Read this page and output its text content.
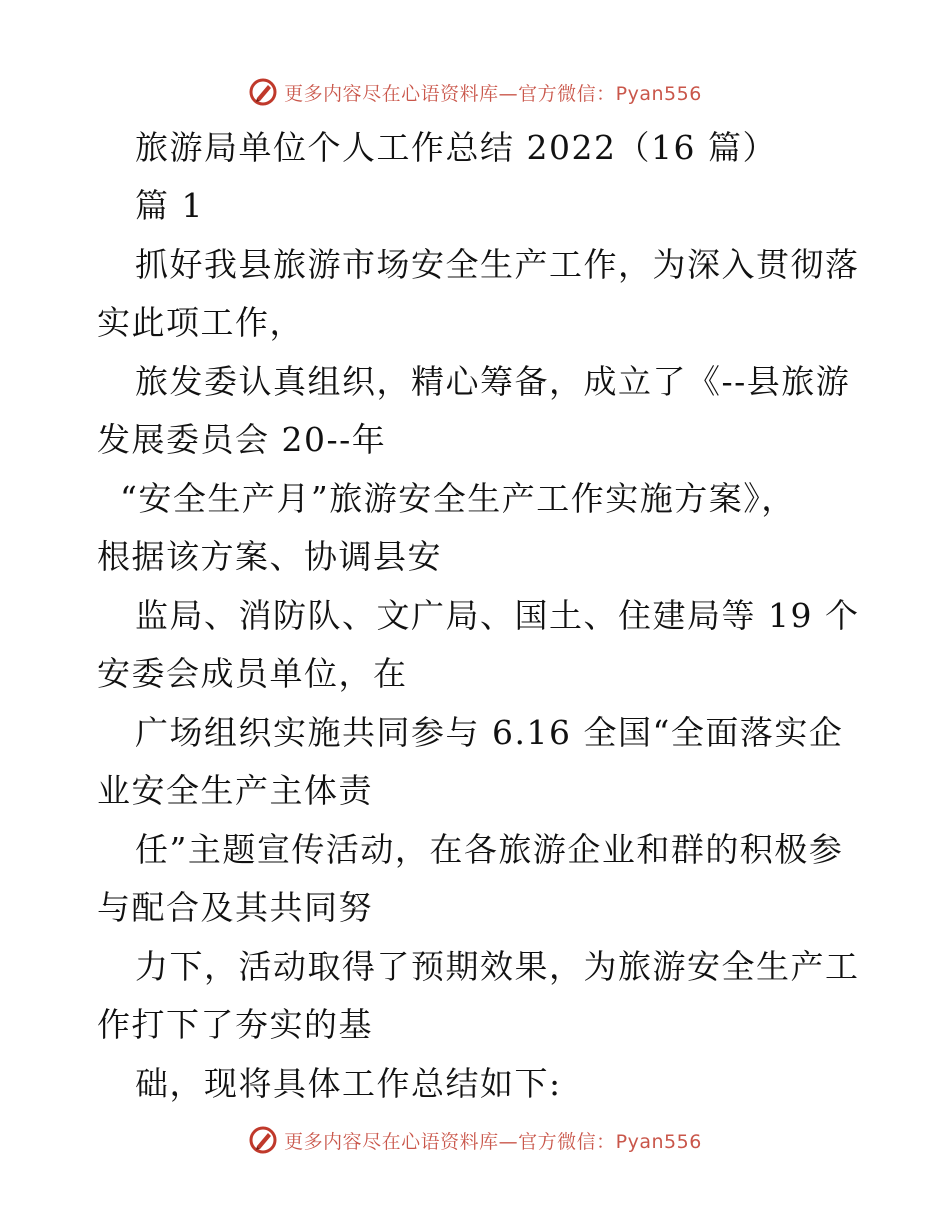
更多内容尽在心语资料库—官方微信：Pyan556
旅游局单位个人工作总结 2022（16 篇）
篇 1
抓好我县旅游市场安全生产工作，为深入贯彻落
实此项工作，
旅发委认真组织，精心筹备，成立了《--县旅游
发展委员会 20--年
“安全生产月”旅游安全生产工作实施方案》，
根据该方案、协调县安
监局、消防队、文广局、国土、住建局等 19 个
安委会成员单位，在
广场组织实施共同参与 6.16 全国“全面落实企
业安全生产主体责
任”主题宣传活动，在各旅游企业和群的积极参
与配合及其共同努
力下，活动取得了预期效果，为旅游安全生产工
作打下了夯实的基
础，现将具体工作总结如下:
更多内容尽在心语资料库—官方微信：Pyan556
